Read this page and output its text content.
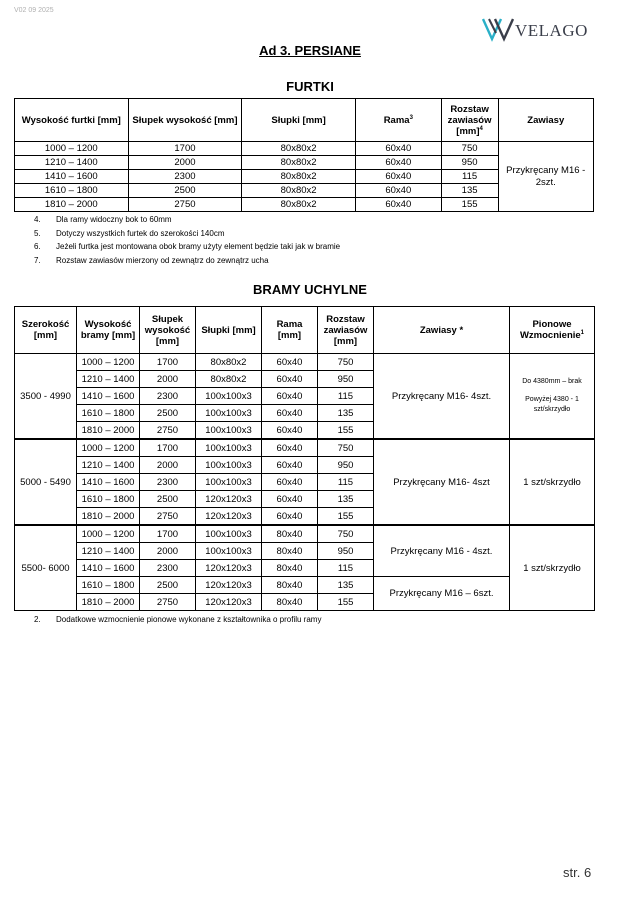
V02 09 2025
VELAGO
Ad 3. PERSIANE
FURTKI
Wysokość furtki [mm]	Słupek wysokość [mm]	Słupki [mm]	Rama$^3$	Rozstaw zawiasów [mm]$^4$	Zawiasy
1000 – 1200	1700	80x80x2	60x40	750	Przykręcany M16 - 2szt.
1210 – 1400	2000	80x80x2	60x40	950	
1410 – 1600	2300	80x80x2	60x40	115	
1610 – 1800	2500	80x80x2	60x40	135	
1810 – 2000	2750	80x80x2	60x40	155	
4.	Dla ramy widoczny bok to 60mm
5.	Dotyczy wszystkich furtek do szerokości 140cm
6.	Jeżeli furtka jest montowana obok bramy użyty element będzie taki jak w bramie
7.	Rozstaw zawiasów mierzony od zewnątrz do zewnątrz ucha
BRAMY UCHYLNE
Szerokość [mm]	Wysokość bramy [mm]	Słupek wysokość [mm]	Słupki [mm]	Rama [mm]	Rozstaw zawiasów [mm]	Zawiasy *	Pionowe Wzmocnienie$^1$
3500 - 4990	1000 – 1200	1700	80x80x2	60x40	750	Przykręcany M16- 4szt.	Do 4380mm – brak
Powyżej 4380 - 1 szt/skrzydło

	1210 – 1400	2000	80x80x2	60x40	950		
	1410 – 1600	2300	100x100x3	60x40	115		
	1610 – 1800	2500	100x100x3	60x40	135		
	1810 – 2000	2750	100x100x3	60x40	155		
5000 - 5490	1000 – 1200	1700	100x100x3	60x40	750	Przykręcany M16- 4szt	1 szt/skrzydło
	1210 – 1400	2000	100x100x3	60x40	950		
	1410 – 1600	2300	100x100x3	60x40	115		
	1610 – 1800	2500	120x120x3	60x40	135		
	1810 – 2000	2750	120x120x3	60x40	155		
5500- 6000	1000 – 1200	1700	100x100x3	80x40	750	Przykręcany M16 - 4szt.	1 szt/skrzydło
	1210 – 1400	2000	100x100x3	80x40	950		
	1410 – 1600	2300	120x120x3	80x40	115		
	1610 – 1800	2500	120x120x3	80x40	135	Przykręcany M16 – 6szt.	
	1810 – 2000	2750	120x120x3	80x40	155		
2.	Dodatkowe wzmocnienie pionowe wykonane z kształtownika o profilu ramy
str. 6
